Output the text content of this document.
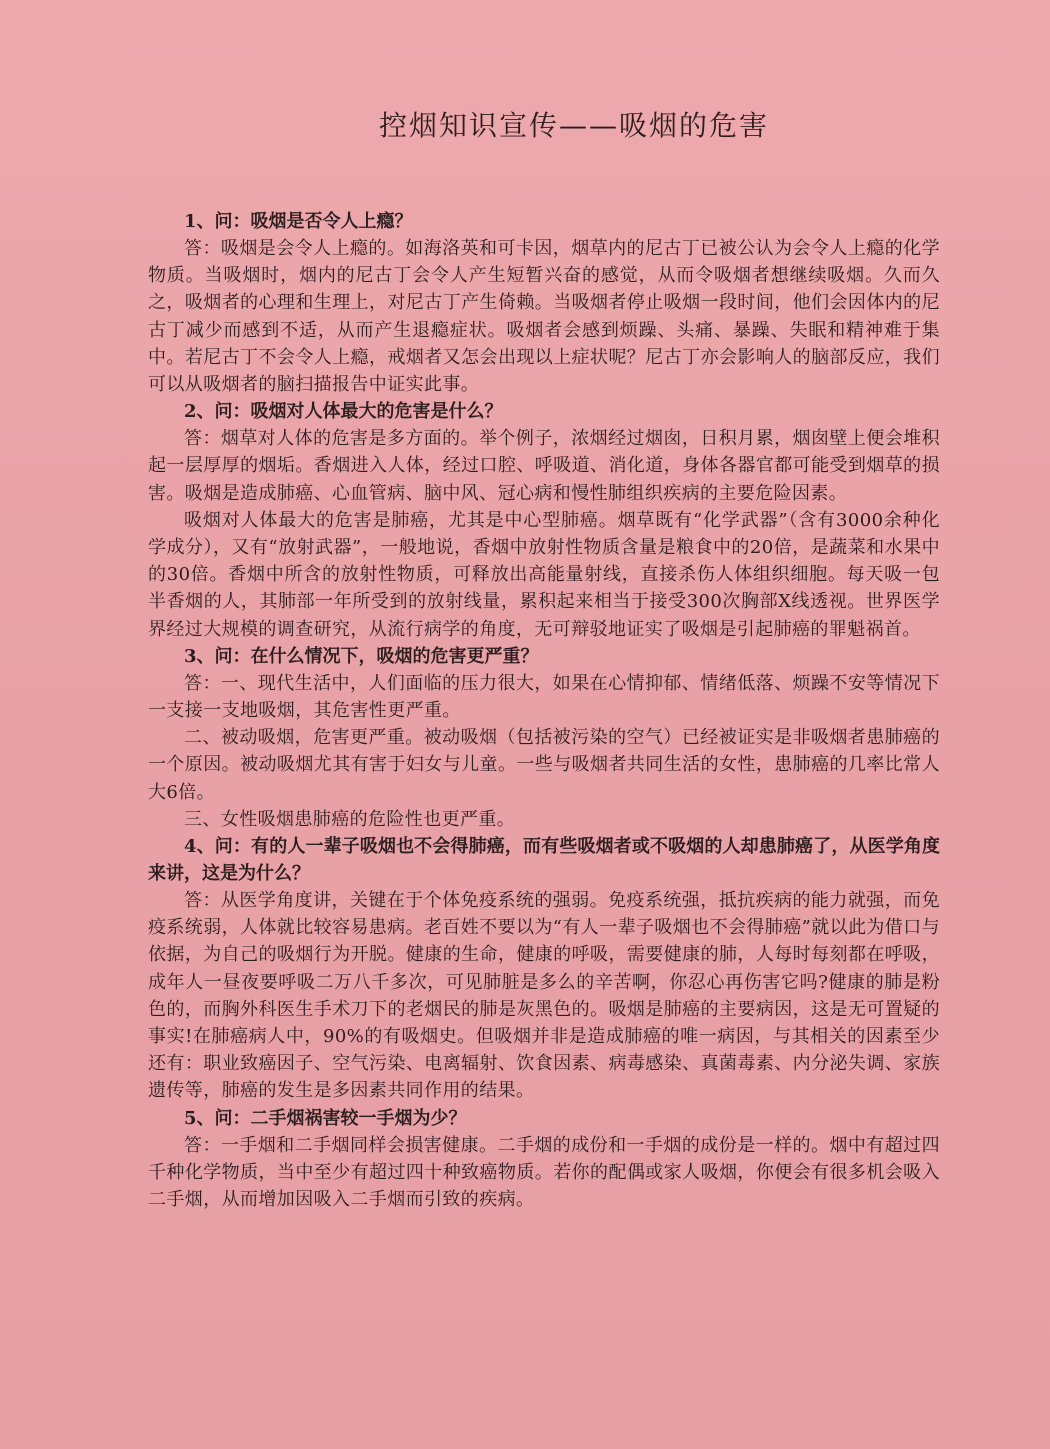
控烟知识宣传——吸烟的危害

1、问：吸烟是否令人上瘾？

答：吸烟是会令人上瘾的。如海洛英和可卡因，烟草内的尼古丁已被公认为会令人上瘾的化学物质。当吸烟时，烟内的尼古丁会令人产生短暂兴奋的感觉，从而令吸烟者想继续吸烟。久而久之，吸烟者的心理和生理上，对尼古丁产生倚赖。当吸烟者停止吸烟一段时间，他们会因体内的尼古丁减少而感到不适，从而产生退瘾症状。吸烟者会感到烦躁、头痛、暴躁、失眠和精神难于集中。若尼古丁不会令人上瘾，戒烟者又怎会出现以上症状呢？尼古丁亦会影响人的脑部反应，我们可以从吸烟者的脑扫描报告中证实此事。

2、问：吸烟对人体最大的危害是什么？

答：烟草对人体的危害是多方面的。举个例子，浓烟经过烟囱，日积月累，烟囱壁上便会堆积起一层厚厚的烟垢。香烟进入人体，经过口腔、呼吸道、消化道，身体各器官都可能受到烟草的损害。吸烟是造成肺癌、心血管病、脑中风、冠心病和慢性肺组织疾病的主要危险因素。

吸烟对人体最大的危害是肺癌，尤其是中心型肺癌。烟草既有“化学武器”（含有3000余种化学成分），又有“放射武器”，一般地说，香烟中放射性物质含量是粮食中的20倍，是蔬菜和水果中的30倍。香烟中所含的放射性物质，可释放出高能量射线，直接杀伤人体组织细胞。每天吸一包半香烟的人，其肺部一年所受到的放射线量，累积起来相当于接受300次胸部X线透视。世界医学界经过大规模的调查研究，从流行病学的角度，无可辩驳地证实了吸烟是引起肺癌的罪魁祸首。

3、问：在什么情况下，吸烟的危害更严重？

答：一、现代生活中，人们面临的压力很大，如果在心情抑郁、情绪低落、烦躁不安等情况下一支接一支地吸烟，其危害性更严重。

二、被动吸烟，危害更严重。被动吸烟（包括被污染的空气）已经被证实是非吸烟者患肺癌的一个原因。被动吸烟尤其有害于妇女与儿童。一些与吸烟者共同生活的女性，患肺癌的几率比常人大6倍。

三、女性吸烟患肺癌的危险性也更严重。

4、问：有的人一辈子吸烟也不会得肺癌，而有些吸烟者或不吸烟的人却患肺癌了，从医学角度来讲，这是为什么？

答：从医学角度讲，关键在于个体免疫系统的强弱。免疫系统强，抵抗疾病的能力就强，而免疫系统弱，人体就比较容易患病。老百姓不要以为“有人一辈子吸烟也不会得肺癌”就以此为借口与依据，为自己的吸烟行为开脱。健康的生命，健康的呼吸，需要健康的肺，人每时每刻都在呼吸，成年人一昼夜要呼吸二万八千多次，可见肺脏是多么的辛苦啊，你忍心再伤害它吗?健康的肺是粉色的，而胸外科医生手术刀下的老烟民的肺是灰黑色的。吸烟是肺癌的主要病因，这是无可置疑的事实!在肺癌病人中，90%的有吸烟史。但吸烟并非是造成肺癌的唯一病因，与其相关的因素至少还有：职业致癌因子、空气污染、电离辐射、饮食因素、病毒感染、真菌毒素、内分泌失调、家族遗传等，肺癌的发生是多因素共同作用的结果。

5、问：二手烟祸害较一手烟为少？

答：一手烟和二手烟同样会损害健康。二手烟的成份和一手烟的成份是一样的。烟中有超过四千种化学物质，当中至少有超过四十种致癌物质。若你的配偶或家人吸烟，你便会有很多机会吸入二手烟，从而增加因吸入二手烟而引致的疾病。
